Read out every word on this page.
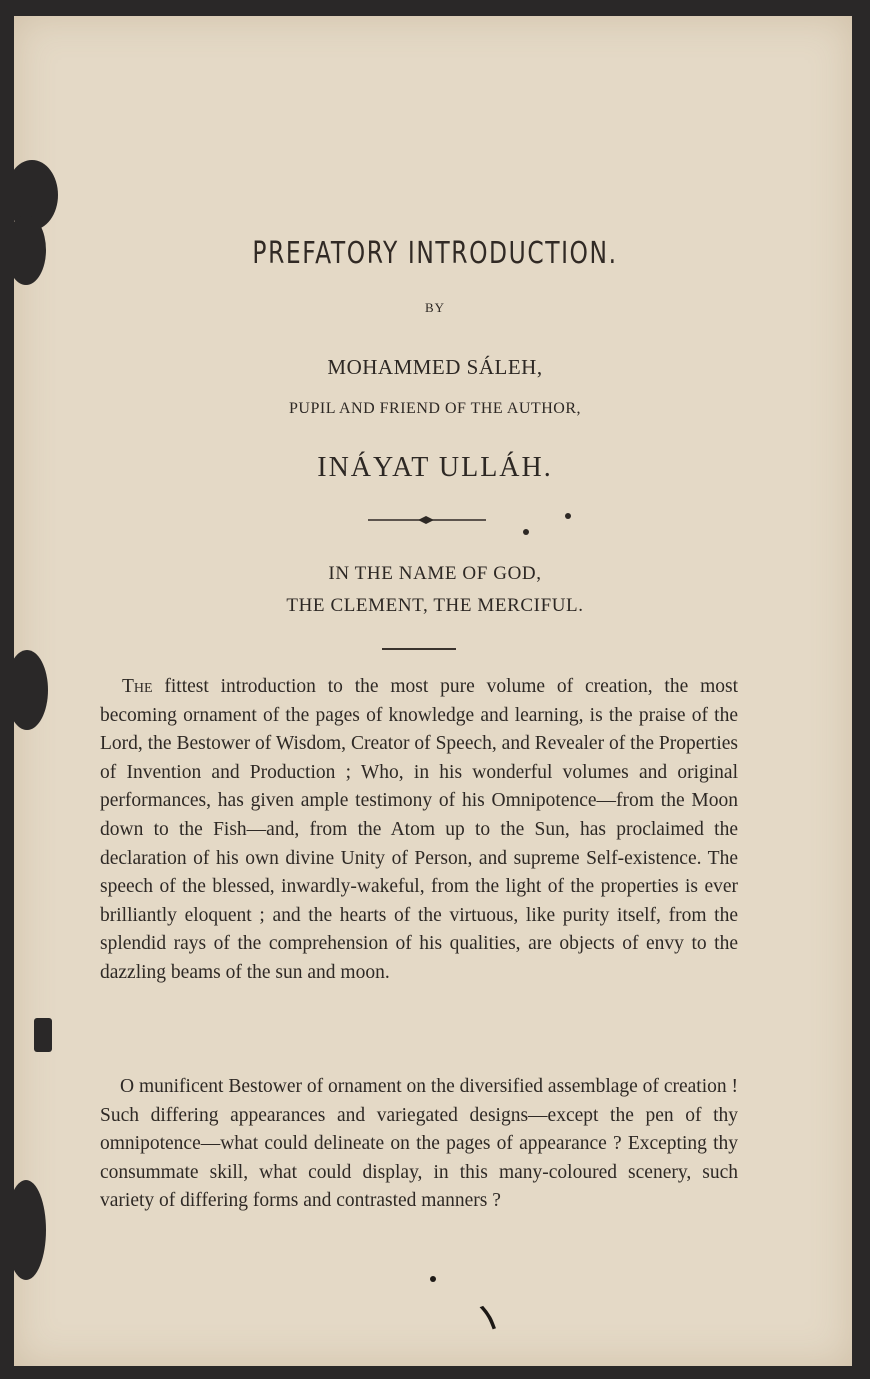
PREFATORY INTRODUCTION.
BY
MOHAMMED SÁLEH,
PUPIL AND FRIEND OF THE AUTHOR,
INÁYAT ULLÁH.
IN THE NAME OF GOD,
THE CLEMENT, THE MERCIFUL.

The fittest introduction to the most pure volume of creation, the most becoming ornament of the pages of knowledge and learning, is the praise of the Lord, the Bestower of Wisdom, Creator of Speech, and Revealer of the Properties of Invention and Production ; Who, in his wonderful volumes and original performances, has given ample testimony of his Omnipotence—from the Moon down to the Fish—and, from the Atom up to the Sun, has proclaimed the declaration of his own divine Unity of Person, and supreme Self-existence. The speech of the blessed, inwardly-wakeful, from the light of the properties is ever brilliantly eloquent ; and the hearts of the virtuous, like purity itself, from the splendid rays of the comprehension of his qualities, are objects of envy to the dazzling beams of the sun and moon.

O munificent Bestower of ornament on the diversified assemblage of creation ! Such differing appearances and variegated designs—except the pen of thy omnipotence—what could delineate on the pages of appearance ? Excepting thy consummate skill, what could display, in this many-coloured scenery, such variety of differing forms and contrasted manners ?

١
